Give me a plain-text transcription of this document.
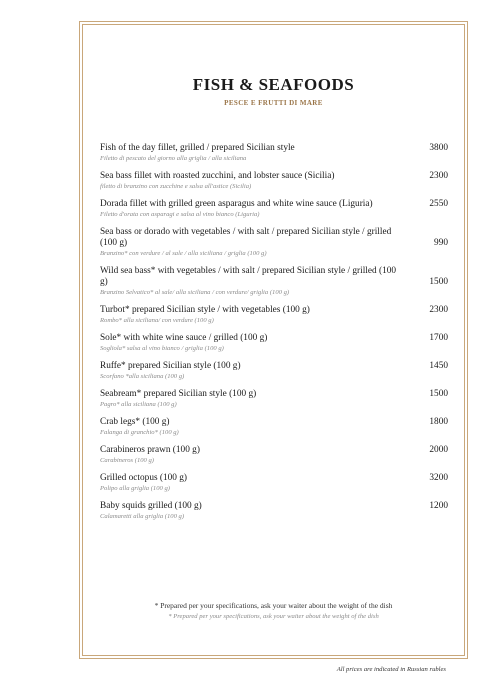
FISH & SEAFOODS
PESCE E FRUTTI DI MARE
Fish of the day fillet, grilled / prepared Sicilian style
Filetto di pescato del giorno alla griglia / alla siciliana
3800
Sea bass fillet with roasted zucchini, and lobster sauce (Sicilia)
filetto di branzino con zucchine e salsa all'astice (Sicilia)
2300
Dorada fillet with grilled green asparagus and white wine sauce (Liguria)
Filetto d'orata con asparagi e salsa al vino bianco (Liguria)
2550
Sea bass or dorado with vegetables / with salt / prepared Sicilian style / grilled (100 g)
Branzino* con verdure / al sale / alla siciliana / griglia (100 g)
990
Wild sea bass* with vegetables / with salt / prepared Sicilian style / grilled (100 g)
Branzino Selvatico* al sale/ alla siciliana / con verdure/ griglia (100 g)
1500
Turbot* prepared Sicilian style / with vegetables (100 g)
Rombo* alla siciliana/ con verdure (100 g)
2300
Sole* with white wine sauce / grilled (100 g)
Sogliola* salsa al vino bianco / griglia (100 g)
1700
Ruffe* prepared Sicilian style (100 g)
Scorfano *alla siciliana (100 g)
1450
Seabream* prepared Sicilian style (100 g)
Pagro* alla siciliana (100 g)
1500
Crab legs* (100 g)
Falanga di granchio* (100 g)
1800
Carabineros prawn (100 g)
Carabineros (100 g)
2000
Grilled octopus (100 g)
Polipo alla griglia (100 g)
3200
Baby squids grilled (100 g)
Calamaretti alla griglia (100 g)
1200
* Prepared per your specifications, ask your waiter about the weight of the dish
* Prepared per your specifications, ask your waiter about the weight of the dish
All prices are indicated in Russian rubles
